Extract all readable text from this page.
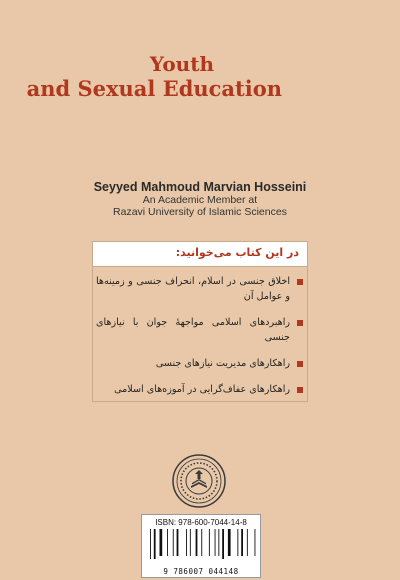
Youth
and Sexual Education
Seyyed Mahmoud Marvian Hosseini
An Academic Member at
Razavi University of Islamic Sciences
در این کتاب می‌خوانید:
اخلاق جنسی در اسلام، انحراف جنسی و زمینه‌ها و عوامل آن
راهبردهای اسلامی مواجههٔ جوان با نیازهای جنسی
راهکارهای مدیریت نیازهای جنسی
راهکارهای عفاف‌گرایی در آموزه‌های اسلامی
ISBN: 978-600-7044-14-8
9 786007 044148
